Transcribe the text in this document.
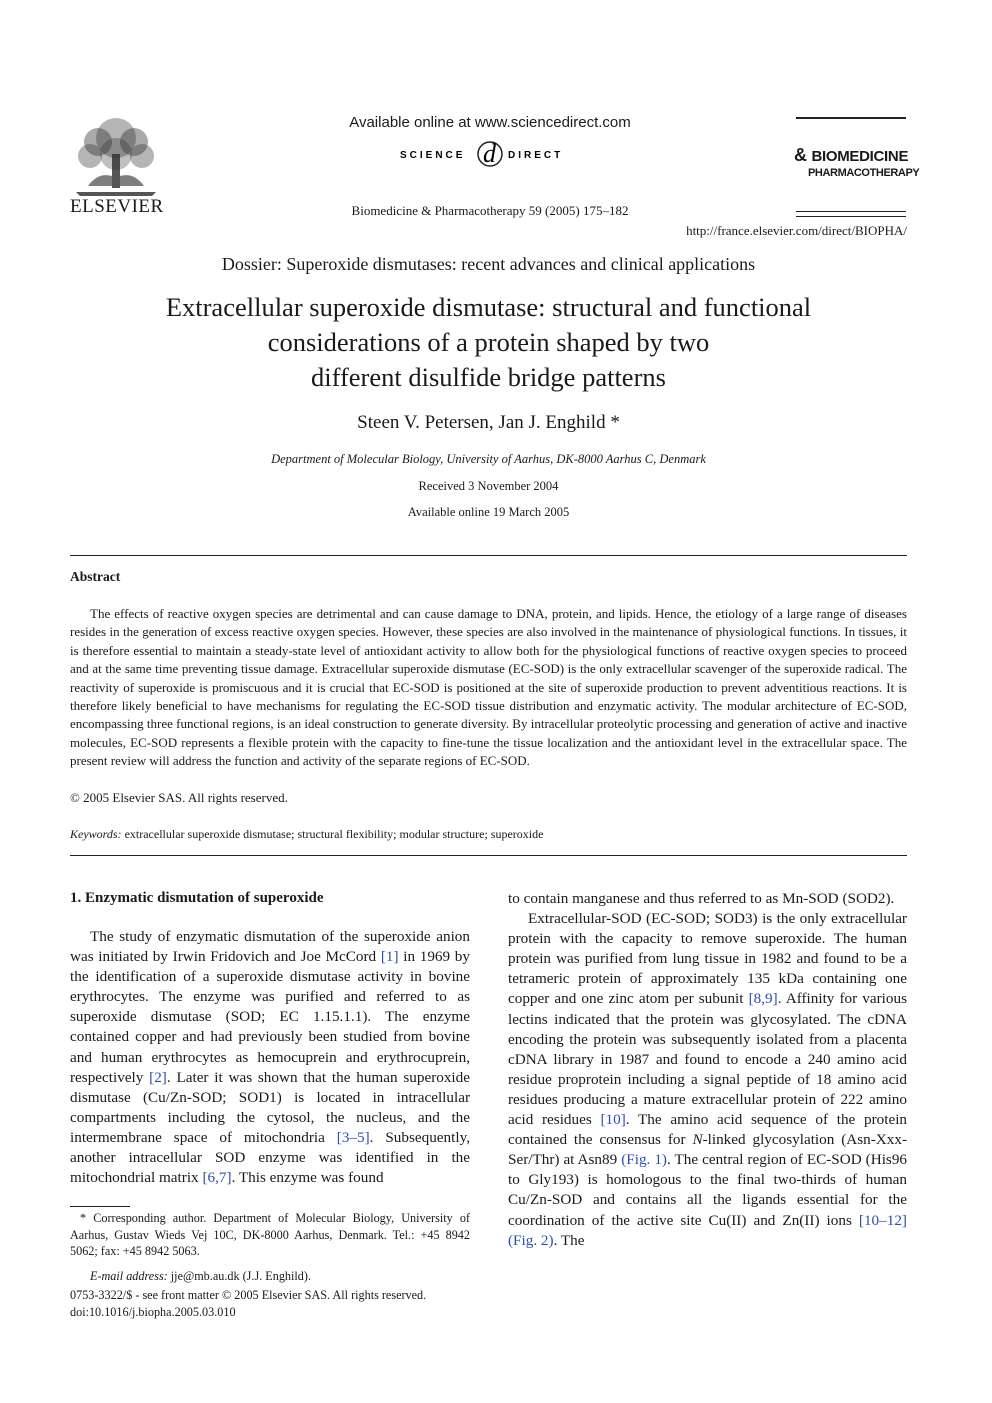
ELSEVIER
Available online at www.sciencedirect.com
SCIENCE d DIRECT
Biomedicine & Pharmacotherapy 59 (2005) 175–182
& BIOMEDICINE
PHARMACOTHERAPY
http://france.elsevier.com/direct/BIOPHA/
Dossier: Superoxide dismutases: recent advances and clinical applications
Extracellular superoxide dismutase: structural and functional
considerations of a protein shaped by two
different disulfide bridge patterns
Steen V. Petersen, Jan J. Enghild *
Department of Molecular Biology, University of Aarhus, DK-8000 Aarhus C, Denmark
Received 3 November 2004
Available online 19 March 2005
Abstract

The effects of reactive oxygen species are detrimental and can cause damage to DNA, protein, and lipids. Hence, the etiology of a large range of diseases resides in the generation of excess reactive oxygen species. However, these species are also involved in the maintenance of physiological functions. In tissues, it is therefore essential to maintain a steady-state level of antioxidant activity to allow both for the physiological functions of reactive oxygen species to proceed and at the same time preventing tissue damage. Extracellular superoxide dismutase (EC-SOD) is the only extracellular scavenger of the superoxide radical. The reactivity of superoxide is promiscuous and it is crucial that EC-SOD is positioned at the site of superoxide production to prevent adventitious reactions. It is therefore likely beneficial to have mechanisms for regulating the EC-SOD tissue distribution and enzymatic activity. The modular architecture of EC-SOD, encompassing three functional regions, is an ideal construction to generate diversity. By intracellular proteolytic processing and generation of active and inactive molecules, EC-SOD represents a flexible protein with the capacity to fine-tune the tissue localization and the antioxidant level in the extracellular space. The present review will address the function and activity of the separate regions of EC-SOD.

© 2005 Elsevier SAS. All rights reserved.
Keywords: extracellular superoxide dismutase; structural flexibility; modular structure; superoxide
1. Enzymatic dismutation of superoxide

The study of enzymatic dismutation of the superoxide anion was initiated by Irwin Fridovich and Joe McCord [1] in 1969 by the identification of a superoxide dismutase activity in bovine erythrocytes. The enzyme was purified and referred to as superoxide dismutase (SOD; EC 1.15.1.1). The enzyme contained copper and had previously been studied from bovine and human erythrocytes as hemocuprein and erythrocuprein, respectively [2]. Later it was shown that the human superoxide dismutase (Cu/Zn-SOD; SOD1) is located in intracellular compartments including the cytosol, the nucleus, and the intermembrane space of mitochondria [3–5]. Subsequently, another intracellular SOD enzyme was identified in the mitochondrial matrix [6,7]. This enzyme was found

to contain manganese and thus referred to as Mn-SOD (SOD2).

Extracellular-SOD (EC-SOD; SOD3) is the only extracellular protein with the capacity to remove superoxide. The human protein was purified from lung tissue in 1982 and found to be a tetrameric protein of approximately 135 kDa containing one copper and one zinc atom per subunit [8,9]. Affinity for various lectins indicated that the protein was glycosylated. The cDNA encoding the protein was subsequently isolated from a placenta cDNA library in 1987 and found to encode a 240 amino acid residue proprotein including a signal peptide of 18 amino acid residues producing a mature extracellular protein of 222 amino acid residues [10]. The amino acid sequence of the protein contained the consensus for N-linked glycosylation (Asn-Xxx-Ser/Thr) at Asn89 (Fig. 1). The central region of EC-SOD (His96 to Gly193) is homologous to the final two-thirds of human Cu/Zn-SOD and contains all the ligands essential for the coordination of the active site Cu(II) and Zn(II) ions [10–12] (Fig. 2). The

* Corresponding author. Department of Molecular Biology, University of Aarhus, Gustav Wieds Vej 10C, DK-8000 Aarhus, Denmark. Tel.: +45 8942 5062; fax: +45 8942 5063.

E-mail address: jje@mb.au.dk (J.J. Enghild).

0753-3322/$ - see front matter © 2005 Elsevier SAS. All rights reserved.
doi:10.1016/j.biopha.2005.03.010
